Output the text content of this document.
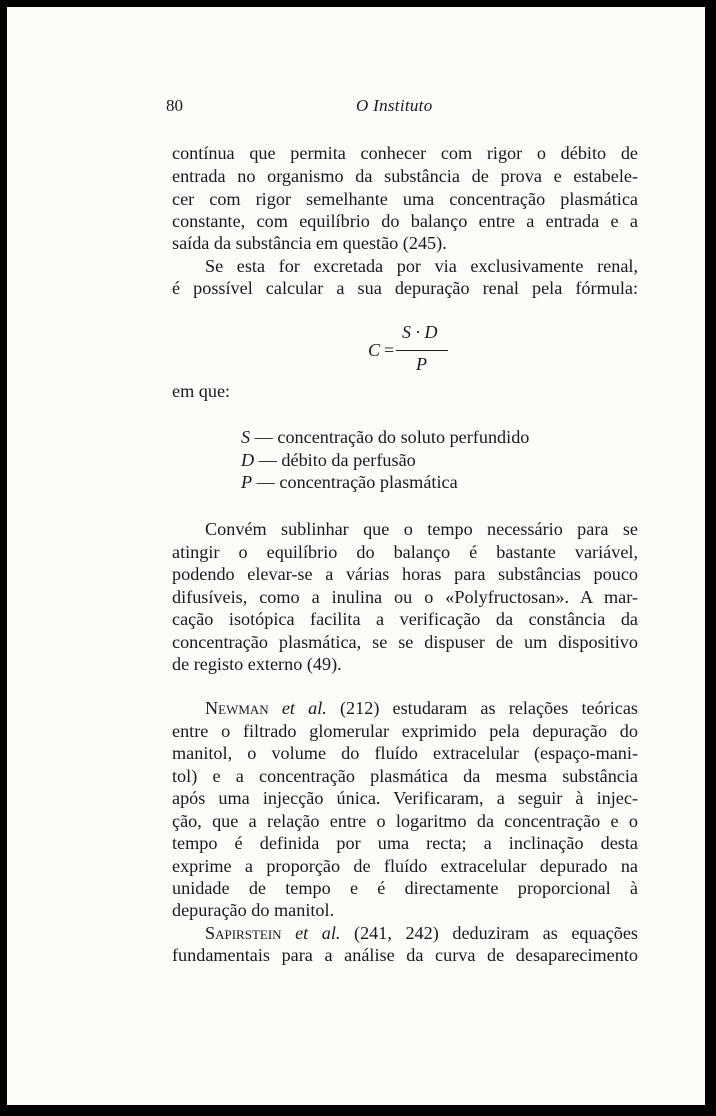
80	O Instituto
contínua que permita conhecer com rigor o débito de
entrada no organismo da substância de prova e estabele-
cer com rigor semelhante uma concentração plasmática
constante, com equilíbrio do balanço entre a entrada e a
saída da substância em questão (245).
Se esta for excretada por via exclusivamente renal,
é possível calcular a sua depuração renal pela fórmula:
C =
S · D
P
em que:
S — concentração do soluto perfundido
D — débito da perfusão
P — concentração plasmática
Convém sublinhar que o tempo necessário para se
atingir o equilíbrio do balanço é bastante variável,
podendo elevar-se a várias horas para substâncias pouco
difusíveis, como a inulina ou o «Polyfructosan». A mar-
cação isotópica facilita a verificação da constância da
concentração plasmática, se se dispuser de um dispositivo
de registo externo (49).
Newman et al. (212) estudaram as relações teóricas
entre o filtrado glomerular exprimido pela depuração do
manitol, o volume do fluído extracelular (espaço-mani-
tol) e a concentração plasmática da mesma substância
após uma injecção única. Verificaram, a seguir à injec-
ção, que a relação entre o logaritmo da concentração e o
tempo é definida por uma recta; a inclinação desta
exprime a proporção de fluído extracelular depurado na
unidade de tempo e é directamente proporcional à
depuração do manitol.
Sapirstein et al. (241, 242) deduziram as equações
fundamentais para a análise da curva de desaparecimento
